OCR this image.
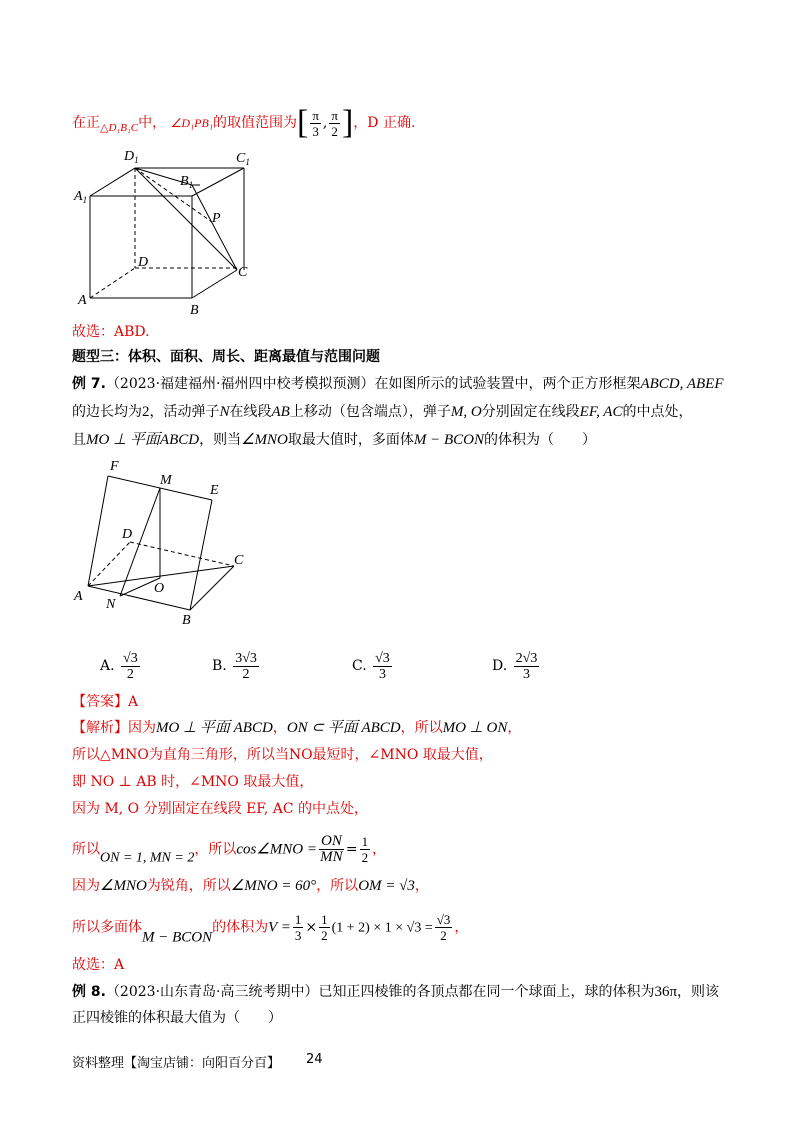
在正$_{\triangle D_1B_1C}$中， ∠D₁PB₁的取值范围为[ $\frac{\pi}{3}$ , $\frac{\pi}{2}$ ]，D 正确.
$D_1$	$C_1$
$A_1$
$B_1$
P
D
C
A
B
故选：ABD.
题型三：体积、面积、周长、距离最值与范围问题
例 7.（2023·福建福州·福州四中校考模拟预测）在如图所示的试验装置中，两个正方形框架ABCD, ABEF
的边长均为2，活动弹子N在线段AB上移动（包含端点），弹子M, O分别固定在线段EF, AC的中点处，
且MO ⊥ 平面ABCD，则当∠MNO取最大值时，多面体M − BCON的体积为（　　）
F
M
E
D
C
O
A
N
B
A. $\frac{√3}{2}$	B. $\frac{3√3}{2}$	C. $\frac{√3}{3}$	D. $\frac{2√3}{3}$
【答案】A
【解析】因为MO ⊥ 平面 ABCD，ON ⊂ 平面 ABCD，所以MO ⊥ ON，
所以△MNO为直角三角形，所以当NO最短时，∠MNO 取最大值，
即 NO ⊥ AB 时，∠MNO 取最大值，
因为 M, O 分别固定在线段 EF, AC 的中点处，
所以ON = 1, MN = 2，所以cos∠MNO = $\frac{ON}{MN} = \frac{1}{2}$ ，
因为∠MNO为锐角，所以∠MNO = 60°，所以OM = √3，
所以多面体M − BCON的体积为$V = \frac{1}{3} \times \frac{1}{2} (1 + 2) \times 1 \times √3 = \frac{√3}{2}$ ，
故选：A
例 8.（2023·山东青岛·高三统考期中）已知正四棱锥的各顶点都在同一个球面上，球的体积为36π，则该
正四棱锥的体积最大值为（　　）
资料整理【淘宝店铺：向阳百分百】 24
